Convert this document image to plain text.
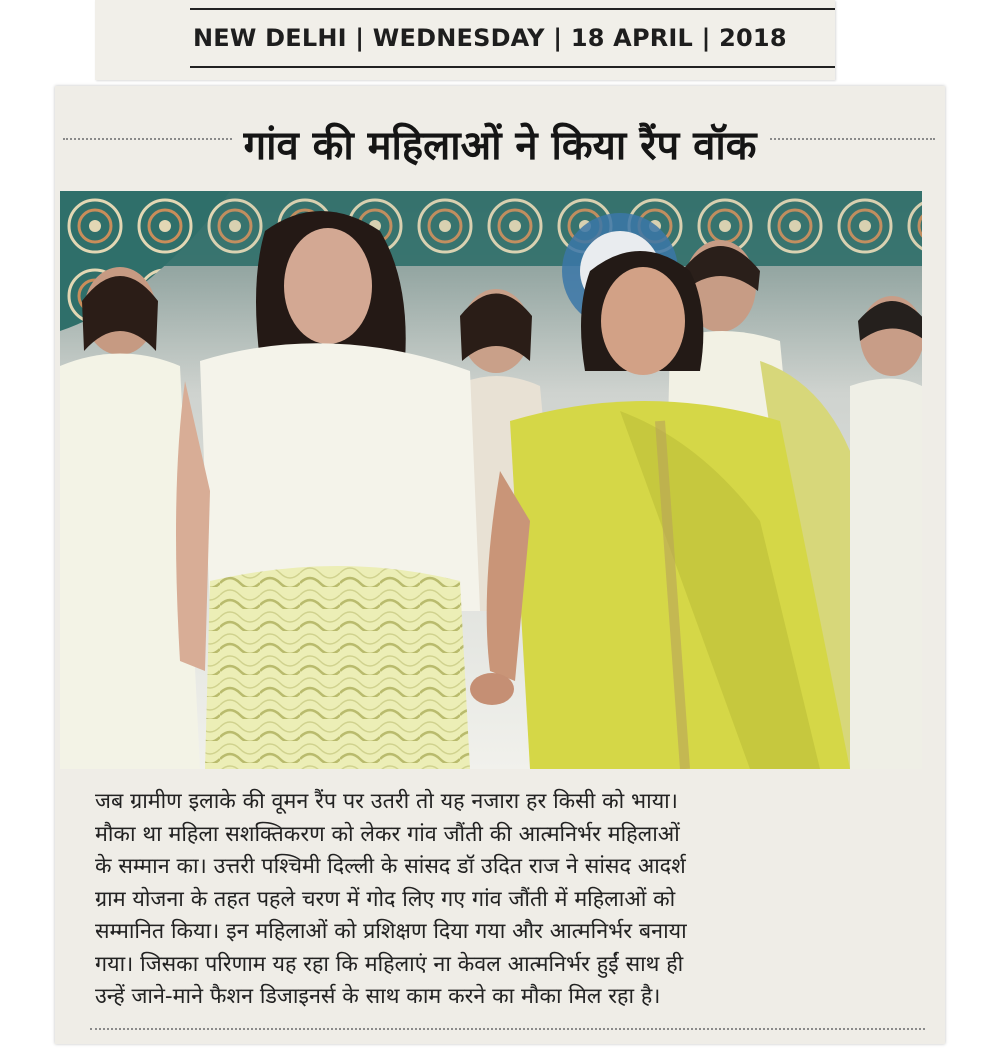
NEW DELHI | WEDNESDAY | 18 APRIL | 2018
गांव की महिलाओं ने किया रैंप वॉक
जब ग्रामीण इलाके की वूमन रैंप पर उतरी तो यह नजारा हर किसी को भाया।
मौका था महिला सशक्तिकरण को लेकर गांव जौंती की आत्मनिर्भर महिलाओं
के सम्मान का। उत्तरी पश्चिमी दिल्ली के सांसद डॉ उदित राज ने सांसद आदर्श
ग्राम योजना के तहत पहले चरण में गोद लिए गए गांव जौंती में महिलाओं को
सम्मानित किया। इन महिलाओं को प्रशिक्षण दिया गया और आत्मनिर्भर बनाया
गया। जिसका परिणाम यह रहा कि महिलाएं ना केवल आत्मनिर्भर हुईं साथ ही
उन्हें जाने-माने फैशन डिजाइनर्स के साथ काम करने का मौका मिल रहा है।
